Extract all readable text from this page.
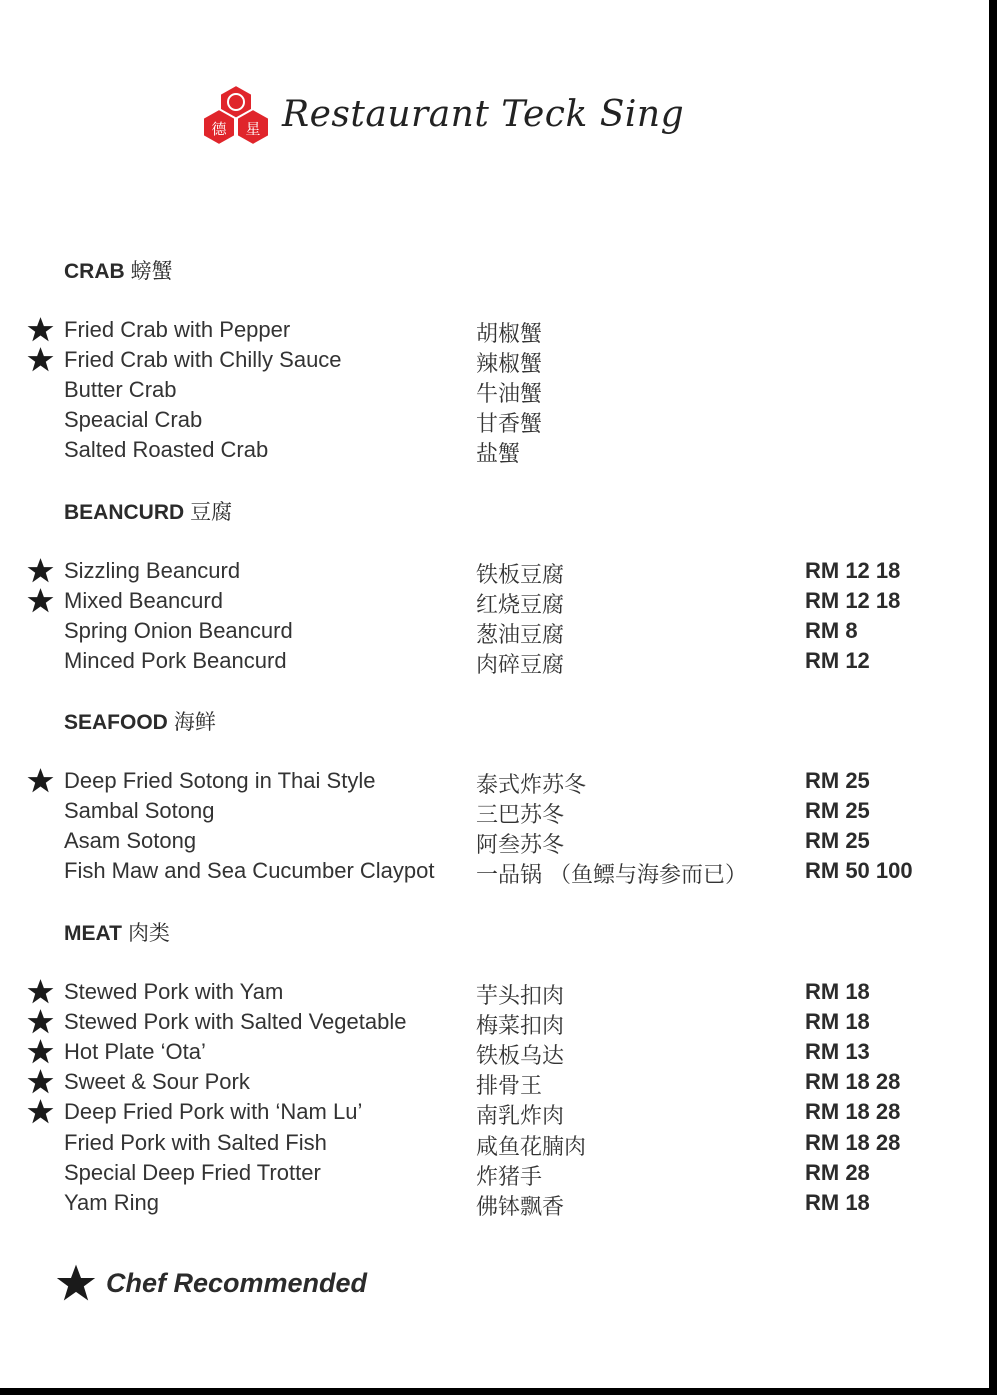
德 星 Restaurant Teck Sing
CRAB 螃蟹
Fried Crab with Pepper	胡椒蟹
Fried Crab with Chilly Sauce	辣椒蟹
Butter Crab	牛油蟹
Speacial Crab	甘香蟹
Salted Roasted Crab	盐蟹
BEANCURD 豆腐
Sizzling Beancurd	铁板豆腐	RM 12 18
Mixed Beancurd	红烧豆腐	RM 12 18
Spring Onion Beancurd	葱油豆腐	RM 8
Minced Pork Beancurd	肉碎豆腐	RM 12
SEAFOOD 海鲜
Deep Fried Sotong in Thai Style	泰式炸苏冬	RM 25
Sambal Sotong	三巴苏冬	RM 25
Asam Sotong	阿叁苏冬	RM 25
Fish Maw and Sea Cucumber Claypot 一品锅 （鱼鳔与海参而已）	RM 50 100
MEAT 肉类
Stewed Pork with Yam	芋头扣肉	RM 18
Stewed Pork with Salted Vegetable	梅菜扣肉	RM 18
Hot Plate ‘Ota’	铁板乌达	RM 13
Sweet & Sour Pork	排骨王	RM 18 28
Deep Fried Pork with ‘Nam Lu’	南乳炸肉	RM 18 28
Fried Pork with Salted Fish	咸鱼花腩肉	RM 18 28
Special Deep Fried Trotter	炸猪手	RM 28
Yam Ring	佛钵飘香	RM 18
Chef Recommended
